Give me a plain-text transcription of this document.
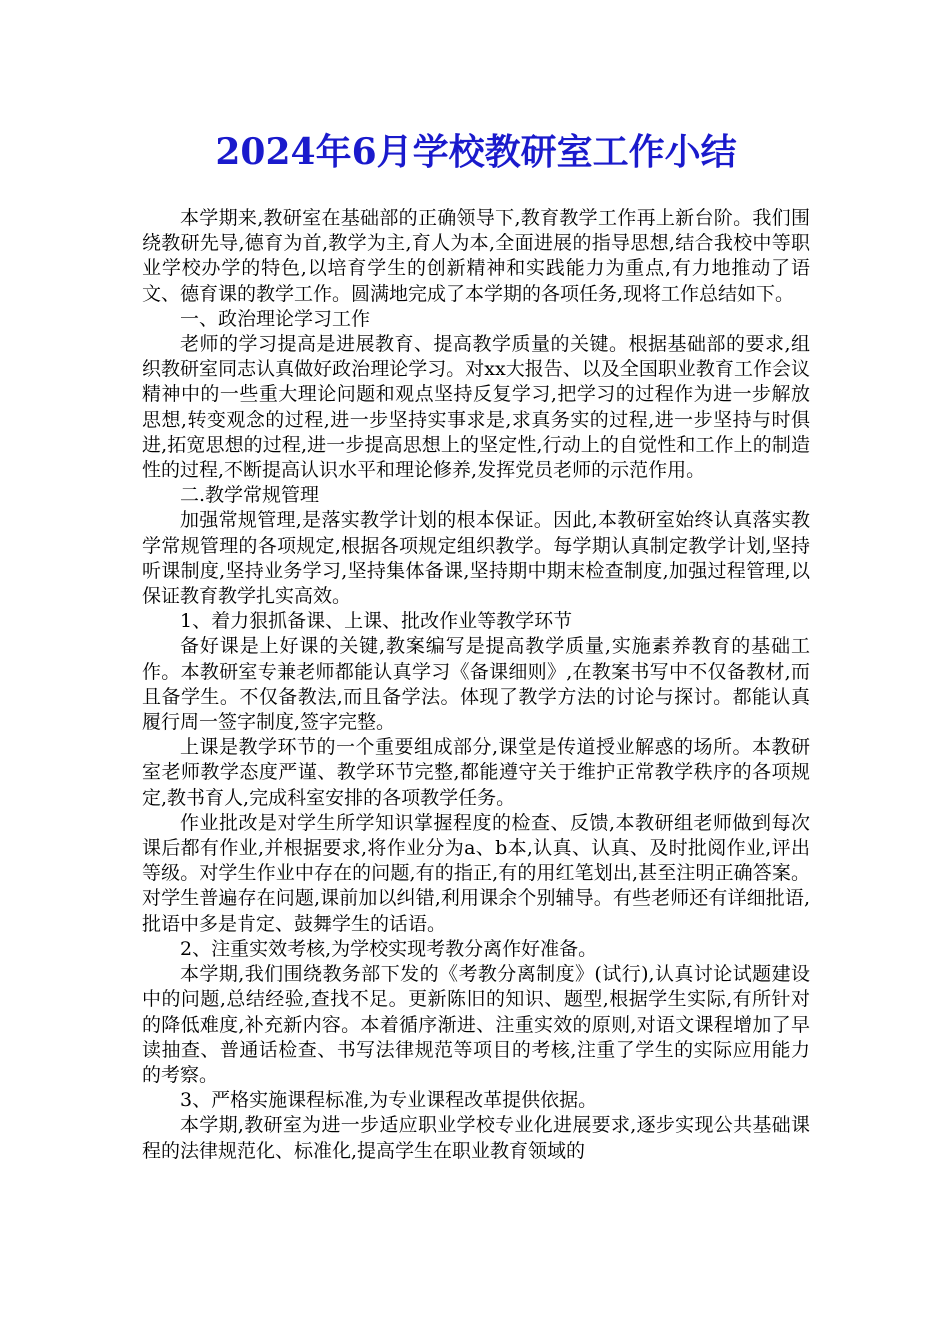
2024年6月学校教研室工作小结

本学期来,教研室在基础部的正确领导下,教育教学工作再上新台阶。我们围绕教研先导,德育为首,教学为主,育人为本,全面进展的指导思想,结合我校中等职业学校办学的特色,以培育学生的创新精神和实践能力为重点,有力地推动了语文、德育课的教学工作。圆满地完成了本学期的各项任务,现将工作总结如下。

一、政治理论学习工作

老师的学习提高是进展教育、提高教学质量的关键。根据基础部的要求,组织教研室同志认真做好政治理论学习。对xx大报告、以及全国职业教育工作会议精神中的一些重大理论问题和观点坚持反复学习,把学习的过程作为进一步解放思想,转变观念的过程,进一步坚持实事求是,求真务实的过程,进一步坚持与时俱进,拓宽思想的过程,进一步提高思想上的坚定性,行动上的自觉性和工作上的制造性的过程,不断提高认识水平和理论修养,发挥党员老师的示范作用。

二.教学常规管理

加强常规管理,是落实教学计划的根本保证。因此,本教研室始终认真落实教学常规管理的各项规定,根据各项规定组织教学。每学期认真制定教学计划,坚持听课制度,坚持业务学习,坚持集体备课,坚持期中期末检查制度,加强过程管理,以保证教育教学扎实高效。

1、着力狠抓备课、上课、批改作业等教学环节

备好课是上好课的关键,教案编写是提高教学质量,实施素养教育的基础工作。本教研室专兼老师都能认真学习《备课细则》,在教案书写中不仅备教材,而且备学生。不仅备教法,而且备学法。体现了教学方法的讨论与探讨。都能认真履行周一签字制度,签字完整。

上课是教学环节的一个重要组成部分,课堂是传道授业解惑的场所。本教研室老师教学态度严谨、教学环节完整,都能遵守关于维护正常教学秩序的各项规定,教书育人,完成科室安排的各项教学任务。

作业批改是对学生所学知识掌握程度的检查、反馈,本教研组老师做到每次课后都有作业,并根据要求,将作业分为a、b本,认真、认真、及时批阅作业,评出等级。对学生作业中存在的问题,有的指正,有的用红笔划出,甚至注明正确答案。对学生普遍存在问题,课前加以纠错,利用课余个别辅导。有些老师还有详细批语,批语中多是肯定、鼓舞学生的话语。

2、注重实效考核,为学校实现考教分离作好准备。

本学期,我们围绕教务部下发的《考教分离制度》(试行),认真讨论试题建设中的问题,总结经验,查找不足。更新陈旧的知识、题型,根据学生实际,有所针对的降低难度,补充新内容。本着循序渐进、注重实效的原则,对语文课程增加了早读抽查、普通话检查、书写法律规范等项目的考核,注重了学生的实际应用能力的考察。

3、严格实施课程标准,为专业课程改革提供依据。

本学期,教研室为进一步适应职业学校专业化进展要求,逐步实现公共基础课程的法律规范化、标准化,提高学生在职业教育领域的
